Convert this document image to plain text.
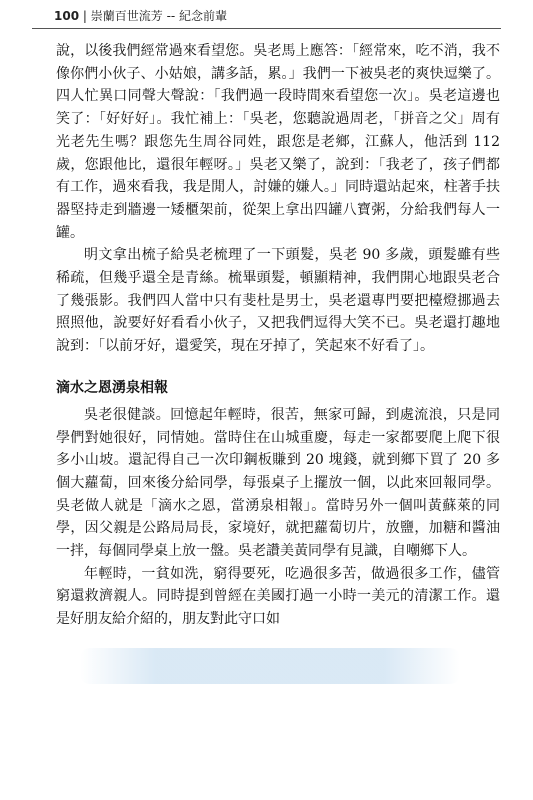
100 | 崇蘭百世流芳 -- 紀念前輩

說，以後我們經常過來看望您。吳老馬上應答：「經常來，吃不消，我不像你們小伙子、小姑娘，講多話，累。」我們一下被吳老的爽快逗樂了。四人忙異口同聲大聲說：「我們過一段時間來看望您一次」。吳老這邊也笑了：「好好好」。我忙補上：「吳老，您聽說過周老，「拼音之父」周有光老先生嗎？跟您先生周谷同姓，跟您是老鄉，江蘇人，他活到 112 歲，您跟他比，還很年輕呀。」吳老又樂了，說到：「我老了，孩子們都有工作，過來看我，我是閒人，討嫌的嫌人。」同時還站起來，柱著手扶器堅持走到牆邊一矮櫃架前，從架上拿出四罐八寶粥，分給我們每人一罐。

明文拿出梳子給吳老梳理了一下頭髮，吳老 90 多歲，頭髮雖有些稀疏，但幾乎還全是青絲。梳畢頭髮，頓顯精神，我們開心地跟吳老合了幾張影。我們四人當中只有斐杜是男士，吳老還專門要把檯燈挪過去照照他，說要好好看看小伙子，又把我們逗得大笑不已。吳老還打趣地說到：「以前牙好，還愛笑，現在牙掉了，笑起來不好看了」。

滴水之恩湧泉相報

吳老很健談。回憶起年輕時，很苦，無家可歸，到處流浪，只是同學們對她很好，同情她。當時住在山城重慶，每走一家都要爬上爬下很多小山坡。還記得自己一次印鋼板賺到 20 塊錢，就到鄉下買了 20 多個大蘿蔔，回來後分給同學，每張桌子上擺放一個，以此來回報同學。吳老做人就是「滴水之恩，當湧泉相報」。當時另外一個叫黃蘇萊的同學，因父親是公路局局長，家境好，就把蘿蔔切片，放鹽，加糖和醬油一拌，每個同學桌上放一盤。吳老讚美黃同學有見識，自嘲鄉下人。

年輕時，一貧如洗，窮得要死，吃過很多苦，做過很多工作，儘管窮還救濟親人。同時提到曾經在美國打過一小時一美元的清潔工作。還是好朋友給介紹的，朋友對此守口如
